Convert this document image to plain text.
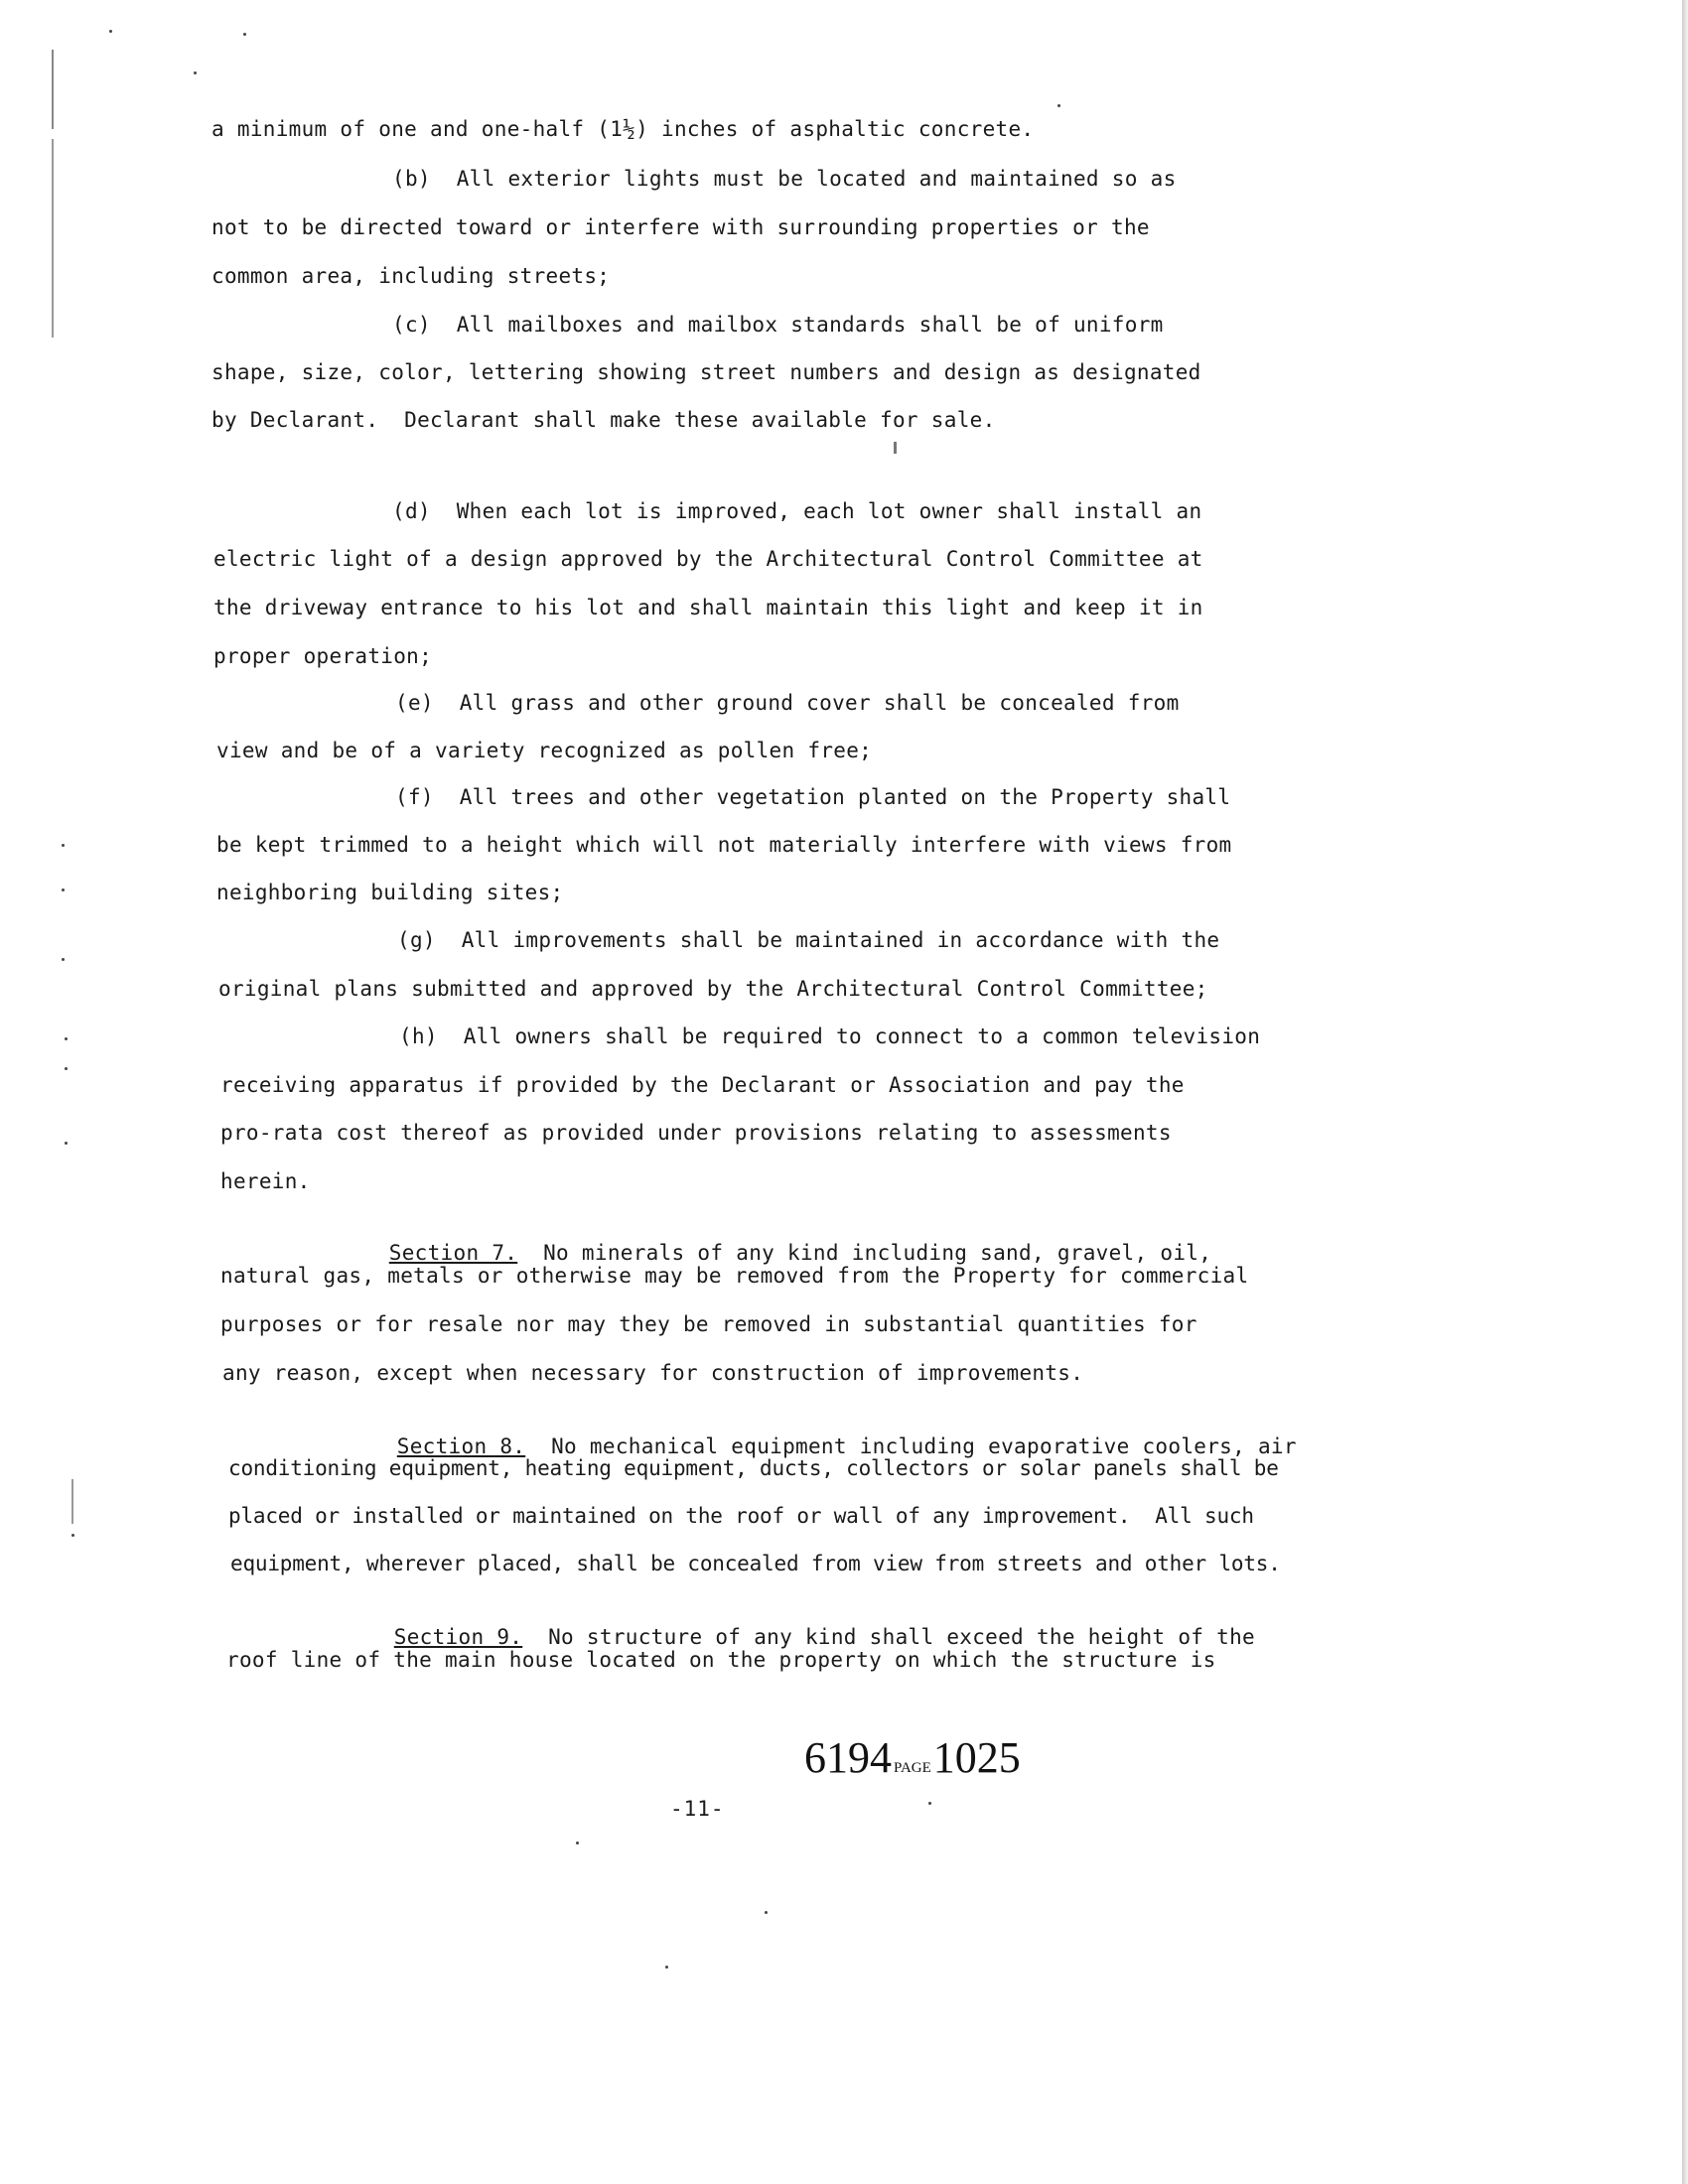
a minimum of one and one-half (1½) inches of asphaltic concrete.
(b)  All exterior lights must be located and maintained so as
not to be directed toward or interfere with surrounding properties or the
common area, including streets;
(c)  All mailboxes and mailbox standards shall be of uniform
shape, size, color, lettering showing street numbers and design as designated
by Declarant.  Declarant shall make these available for sale.
(d)  When each lot is improved, each lot owner shall install an
electric light of a design approved by the Architectural Control Committee at
the driveway entrance to his lot and shall maintain this light and keep it in
proper operation;
(e)  All grass and other ground cover shall be concealed from
view and be of a variety recognized as pollen free;
(f)  All trees and other vegetation planted on the Property shall
be kept trimmed to a height which will not materially interfere with views from
neighboring building sites;
(g)  All improvements shall be maintained in accordance with the
original plans submitted and approved by the Architectural Control Committee;
(h)  All owners shall be required to connect to a common television
receiving apparatus if provided by the Declarant or Association and pay the
pro-rata cost thereof as provided under provisions relating to assessments
herein.

Section 7.  No minerals of any kind including sand, gravel, oil,

natural gas, metals or otherwise may be removed from the Property for commercial
purposes or for resale nor may they be removed in substantial quantities for
any reason, except when necessary for construction of improvements.

Section 8.  No mechanical equipment including evaporative coolers, air

conditioning equipment, heating equipment, ducts, collectors or solar panels shall be
placed or installed or maintained on the roof or wall of any improvement.  All such
equipment, wherever placed, shall be concealed from view from streets and other lots.

Section 9.  No structure of any kind shall exceed the height of the

roof line of the main house located on the property on which the structure is
6194 PAGE1025
-11-
